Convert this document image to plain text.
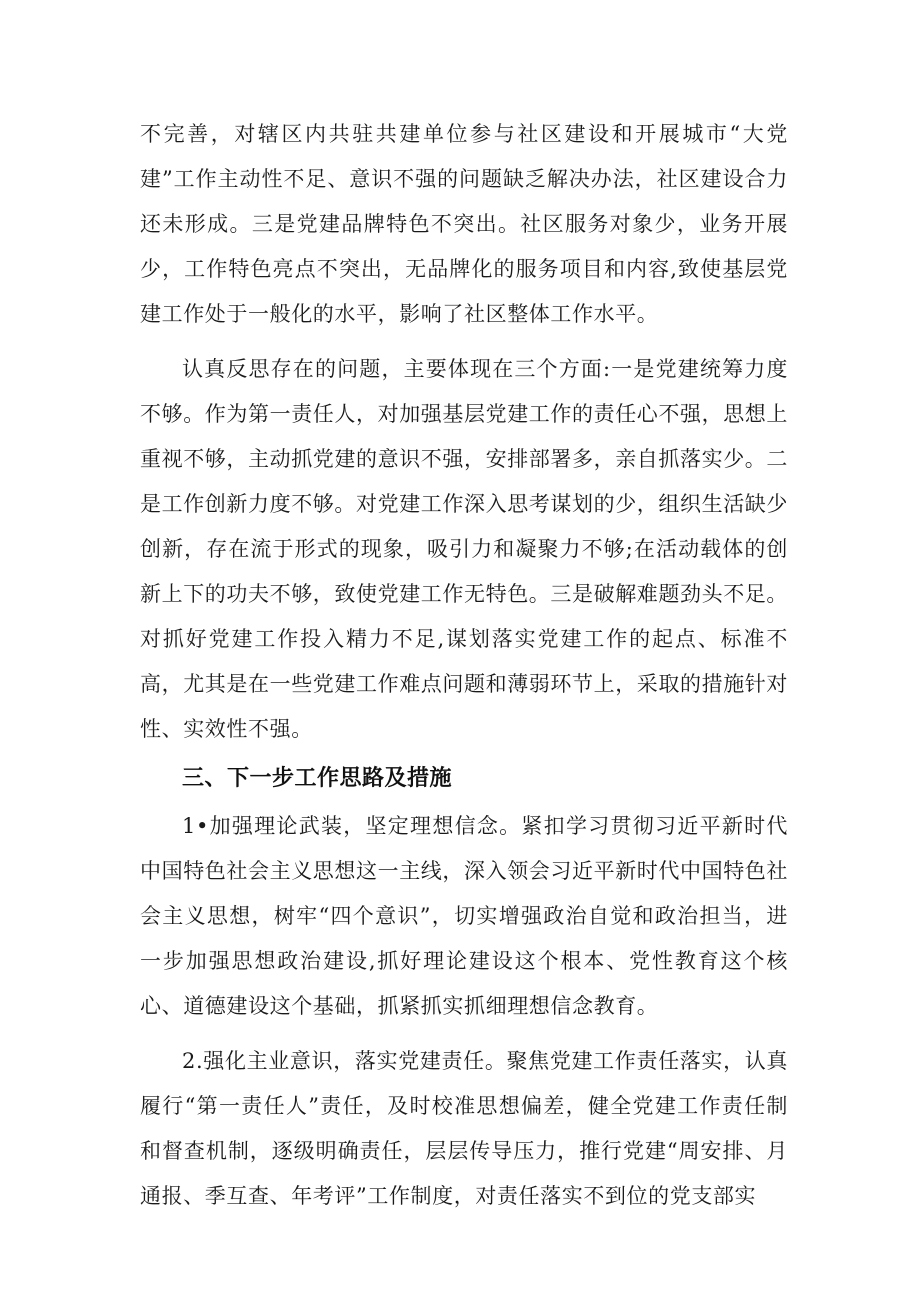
不完善，对辖区内共驻共建单位参与社区建设和开展城市“大党建”工作主动性不足、意识不强的问题缺乏解决办法，社区建设合力还未形成。三是党建品牌特色不突出。社区服务对象少，业务开展少，工作特色亮点不突出，无品牌化的服务项目和内容,致使基层党建工作处于一般化的水平，影响了社区整体工作水平。

认真反思存在的问题，主要体现在三个方面:一是党建统筹力度不够。作为第一责任人，对加强基层党建工作的责任心不强，思想上重视不够，主动抓党建的意识不强，安排部署多，亲自抓落实少。二是工作创新力度不够。对党建工作深入思考谋划的少，组织生活缺少创新，存在流于形式的现象，吸引力和凝聚力不够;在活动载体的创新上下的功夫不够，致使党建工作无特色。三是破解难题劲头不足。对抓好党建工作投入精力不足,谋划落实党建工作的起点、标准不高，尤其是在一些党建工作难点问题和薄弱环节上，采取的措施针对性、实效性不强。

三、下一步工作思路及措施

1•加强理论武装，坚定理想信念。紧扣学习贯彻习近平新时代中国特色社会主义思想这一主线，深入领会习近平新时代中国特色社会主义思想，树牢“四个意识”，切实增强政治自觉和政治担当，进一步加强思想政治建设,抓好理论建设这个根本、党性教育这个核心、道德建设这个基础，抓紧抓实抓细理想信念教育。

2.强化主业意识，落实党建责任。聚焦党建工作责任落实，认真履行“第一责任人”责任，及时校准思想偏差，健全党建工作责任制和督查机制，逐级明确责任，层层传导压力，推行党建“周安排、月通报、季互查、年考评”工作制度，对责任落实不到位的党支部实
